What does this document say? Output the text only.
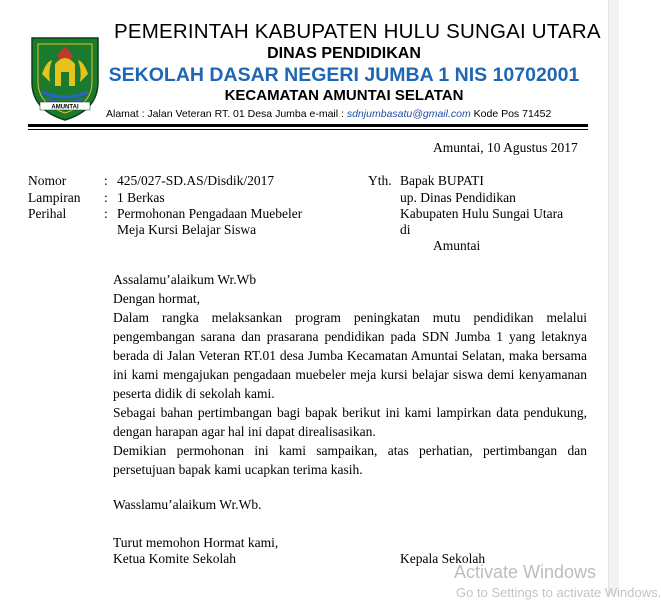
AMUNTAI
PEMERINTAH KABUPATEN HULU SUNGAI UTARA
DINAS PENDIDIKAN
SEKOLAH DASAR NEGERI JUMBA 1 NIS 10702001
KECAMATAN AMUNTAI SELATAN
Alamat : Jalan Veteran RT. 01 Desa Jumba e-mail : sdnjumbasatu@gmail.com Kode Pos 71452
Amuntai, 10 Agustus 2017
Nomor	: 425/027-SD.AS/Disdik/2017
Lampiran : 1 Berkas
Perihal	: Permohonan Pengadaan Muebeler
Meja Kursi Belajar Siswa
Yth. Bapak BUPATI
up. Dinas Pendidikan
Kabupaten Hulu Sungai Utara
di
Amuntai
Assalamu’alaikum Wr.Wb
Dengan hormat,
Dalam rangka melaksankan program peningkatan mutu pendidikan melalui pengembangan sarana dan prasarana pendidikan pada SDN Jumba 1 yang letaknya berada di Jalan Veteran RT.01 desa Jumba Kecamatan Amuntai Selatan, maka bersama ini kami mengajukan pengadaan muebeler meja kursi belajar siswa demi kenyamanan peserta didik di sekolah kami.
Sebagai bahan pertimbangan bagi bapak berikut ini kami lampirkan data pendukung, dengan harapan agar hal ini dapat direalisasikan.
Demikian permohonan ini kami sampaikan, atas perhatian, pertimbangan dan persetujuan bapak kami ucapkan terima kasih.
Wasslamu’alaikum Wr.Wb.
Turut memohon Hormat kami,
Ketua Komite Sekolah	Kepala Sekolah
Activate Windows
Go to Settings to activate Windows.
